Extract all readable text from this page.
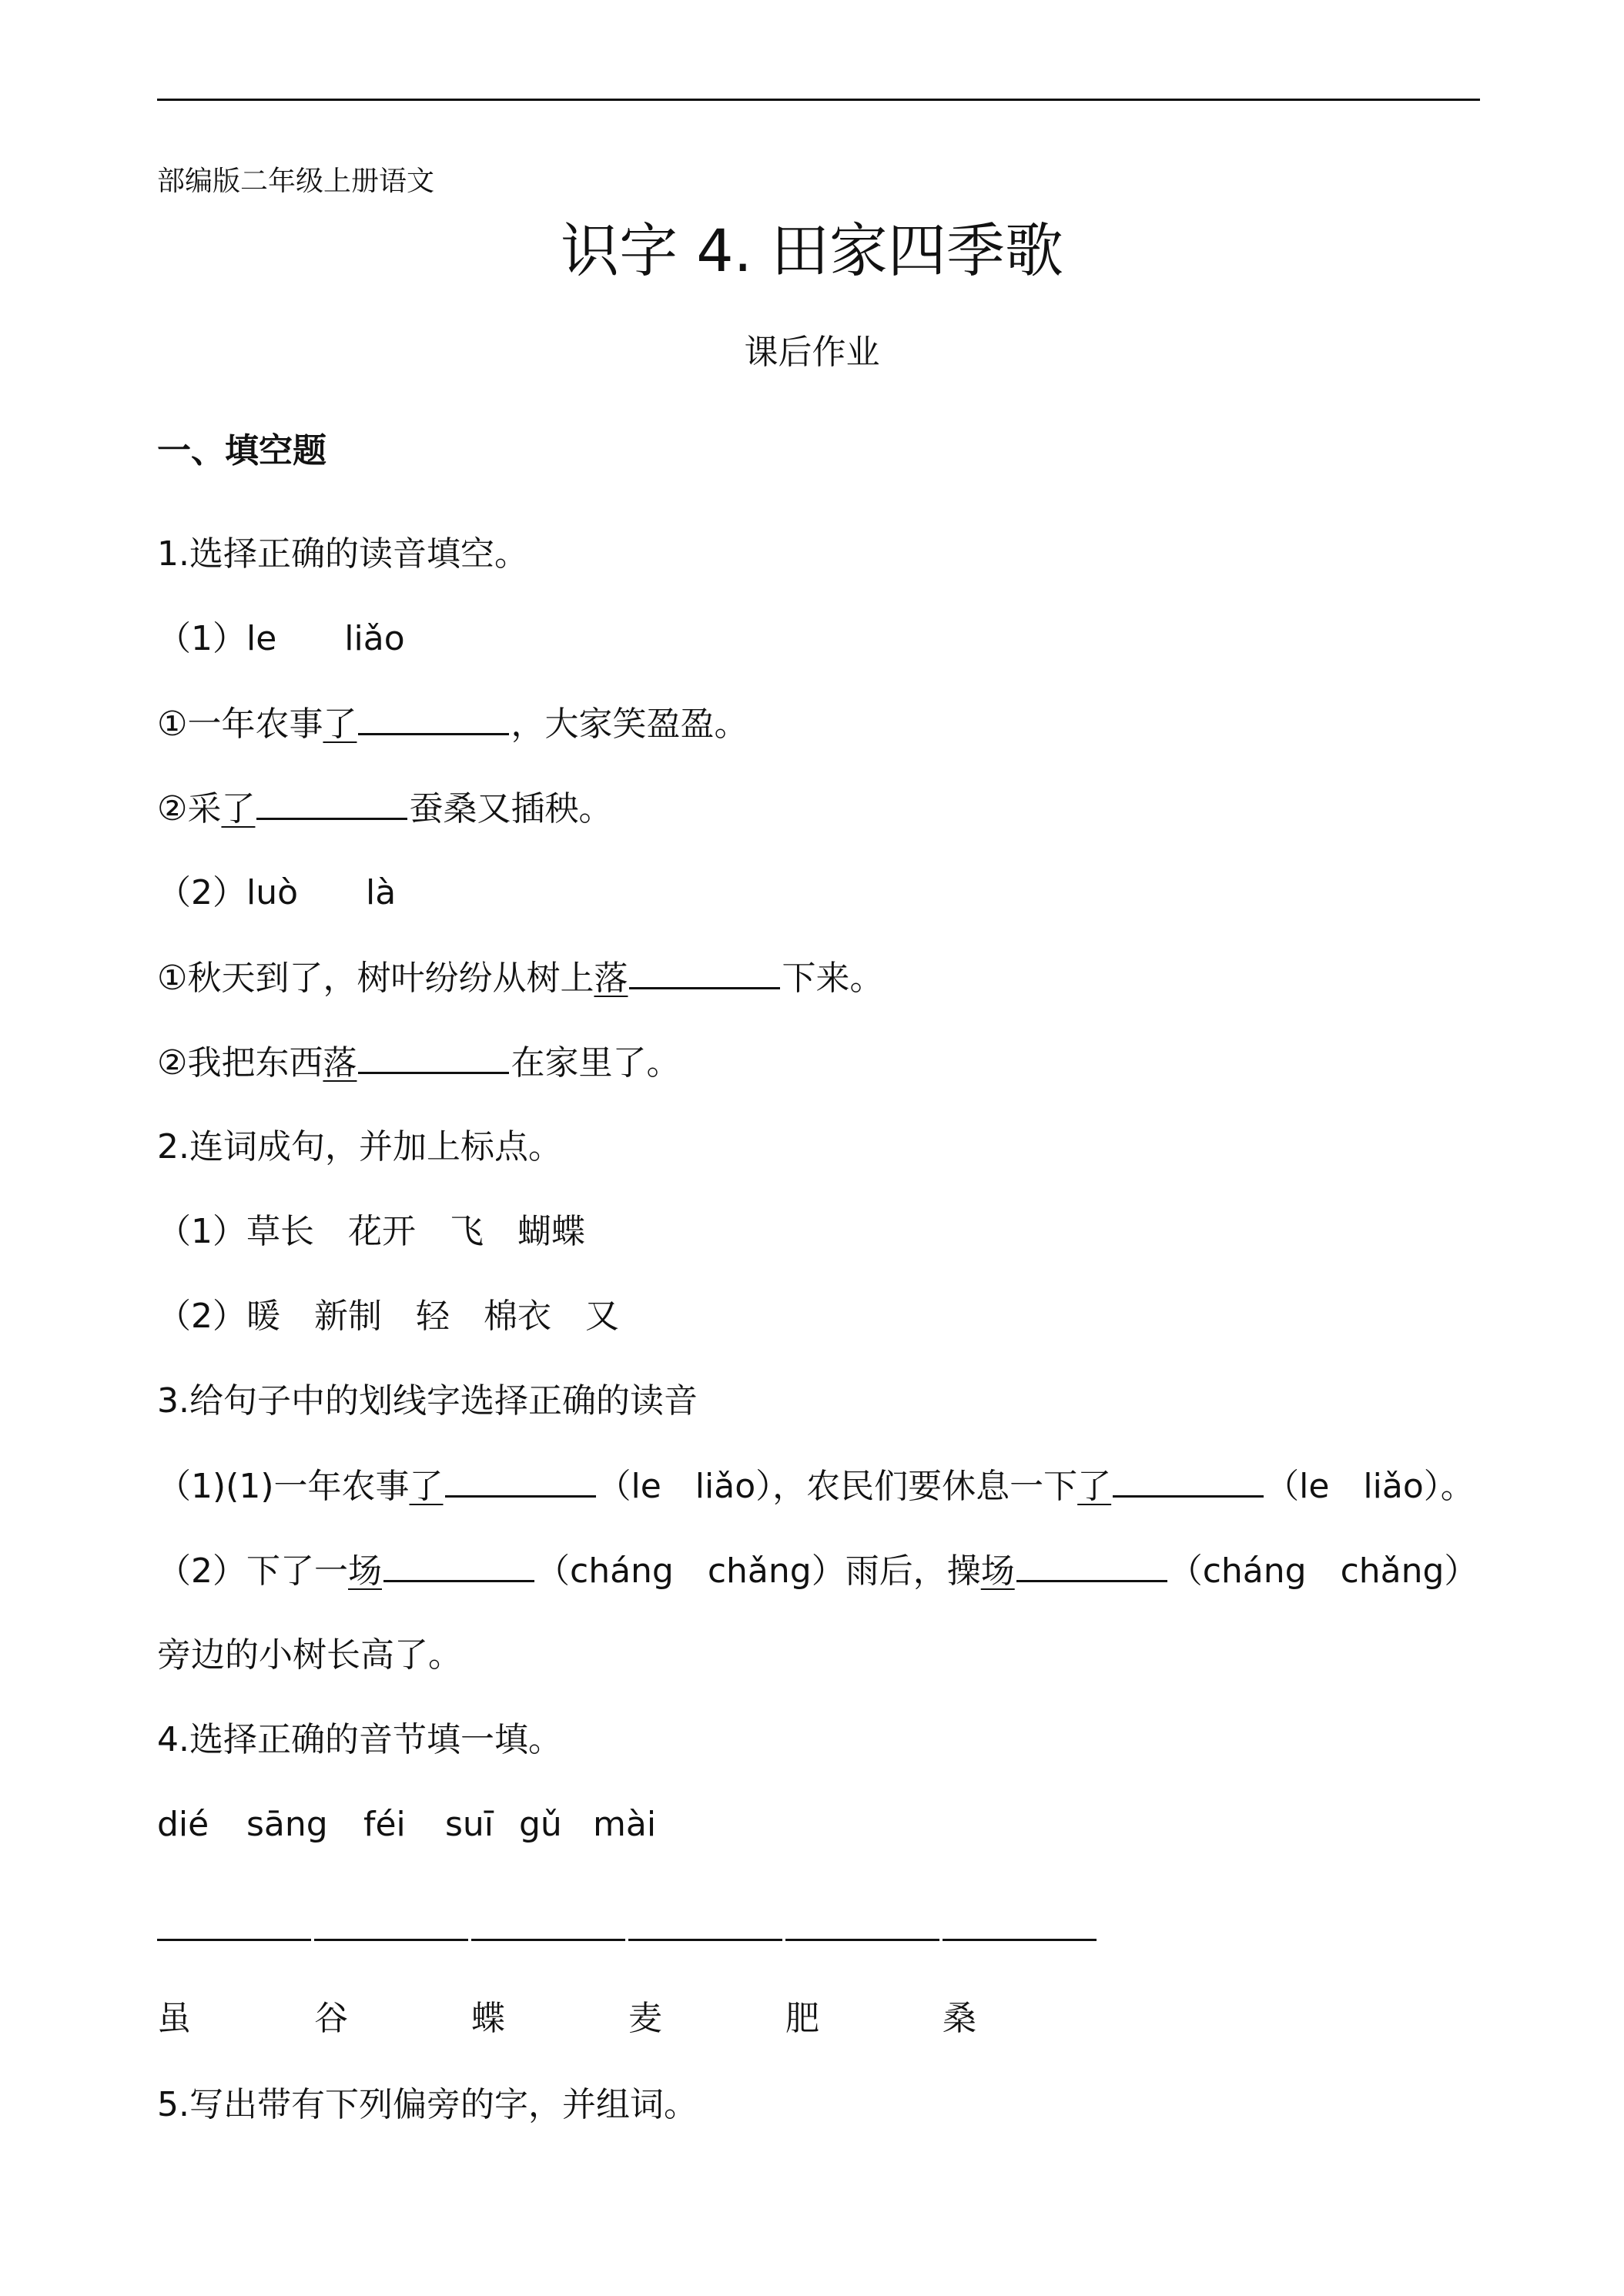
部编版二年级上册语文
识字 4. 田家四季歌
课后作业
一、填空题
1.选择正确的读音填空。
（1）le　　liǎo
①一年农事了	，大家笑盈盈。
②采了	蚕桑又插秧。
（2）luò　　là
①秋天到了，树叶纷纷从树上落	下来。
②我把东西落	在家里了。
2.连词成句，并加上标点。
（1）草长　花开　飞　蝴蝶
（2）暖　新制　轻　棉衣　又
3.给句子中的划线字选择正确的读音
（1)(1)一年农事了	（le　liǎo），农民们要休息一下了	（le　liǎo）。
（2）下了一场	（cháng　chǎng）雨后，操场	（cháng　chǎng）
旁边的小树长高了。
4.选择正确的音节填一填。
dié sāng féi suī gǔ mài
虽	谷	蝶	麦	肥	桑
5.写出带有下列偏旁的字，并组词。
